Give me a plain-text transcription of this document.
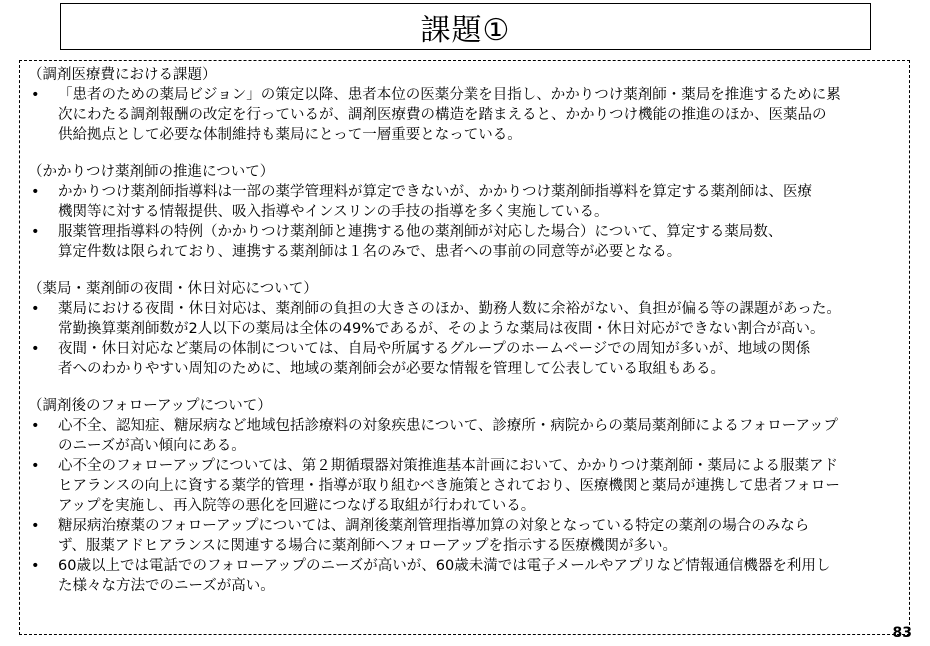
課題①
（調剤医療費における課題）
• 「患者のための薬局ビジョン」の策定以降、患者本位の医薬分業を目指し、かかりつけ薬剤師・薬局を推進するために累
次にわたる調剤報酬の改定を行っているが、調剤医療費の構造を踏まえると、かかりつけ機能の推進のほか、医薬品の
供給拠点として必要な体制維持も薬局にとって一層重要となっている。
（かかりつけ薬剤師の推進について）
• かかりつけ薬剤師指導料は一部の薬学管理料が算定できないが、かかりつけ薬剤師指導料を算定する薬剤師は、医療
機関等に対する情報提供、吸入指導やインスリンの手技の指導を多く実施している。
• 服薬管理指導料の特例（かかりつけ薬剤師と連携する他の薬剤師が対応した場合）について、算定する薬局数、
算定件数は限られており、連携する薬剤師は１名のみで、患者への事前の同意等が必要となる。
（薬局・薬剤師の夜間・休日対応について）
• 薬局における夜間・休日対応は、薬剤師の負担の大きさのほか、勤務人数に余裕がない、負担が偏る等の課題があった。
常勤換算薬剤師数が2人以下の薬局は全体の49%であるが、そのような薬局は夜間・休日対応ができない割合が高い。
• 夜間・休日対応など薬局の体制については、自局や所属するグループのホームページでの周知が多いが、地域の関係
者へのわかりやすい周知のために、地域の薬剤師会が必要な情報を管理して公表している取組もある。
（調剤後のフォローアップについて）
• 心不全、認知症、糖尿病など地域包括診療料の対象疾患について、診療所・病院からの薬局薬剤師によるフォローアップ
のニーズが高い傾向にある。
• 心不全のフォローアップについては、第２期循環器対策推進基本計画において、かかりつけ薬剤師・薬局による服薬アド
ヒアランスの向上に資する薬学的管理・指導が取り組むべき施策とされており、医療機関と薬局が連携して患者フォロー
アップを実施し、再入院等の悪化を回避につなげる取組が行われている。
• 糖尿病治療薬のフォローアップについては、調剤後薬剤管理指導加算の対象となっている特定の薬剤の場合のみなら
ず、服薬アドヒアランスに関連する場合に薬剤師へフォローアップを指示する医療機関が多い。
• 60歳以上では電話でのフォローアップのニーズが高いが、60歳未満では電子メールやアプリなど情報通信機器を利用し
た様々な方法でのニーズが高い。
83
